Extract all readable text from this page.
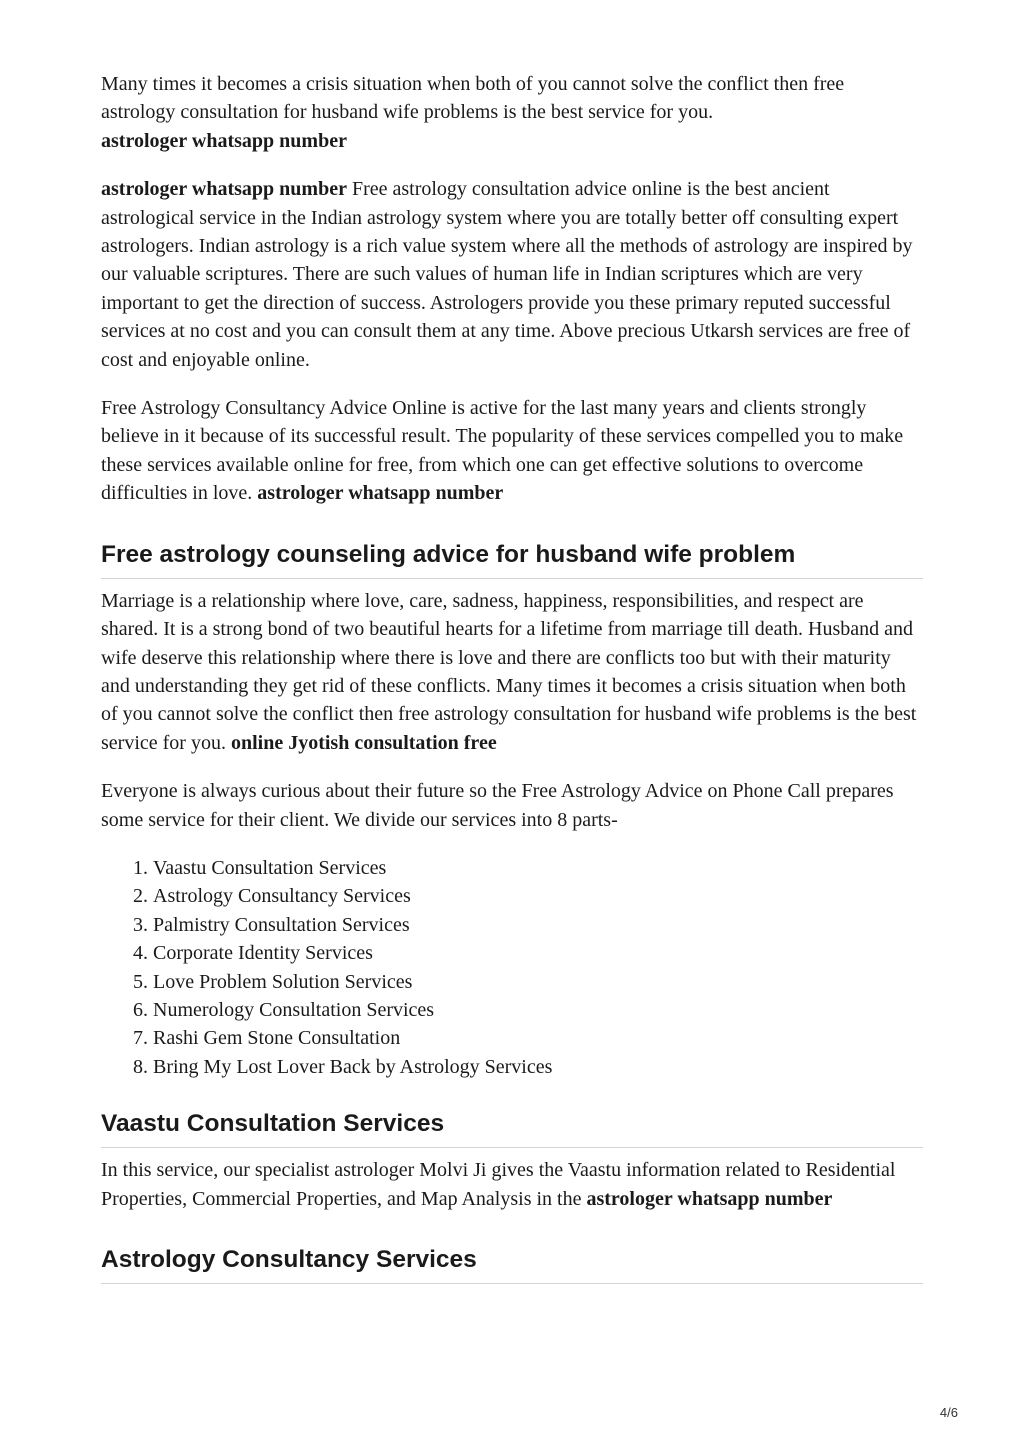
Many times it becomes a crisis situation when both of you cannot solve the conflict then free astrology consultation for husband wife problems is the best service for you.
astrologer whatsapp number

astrologer whatsapp number Free astrology consultation advice online is the best ancient astrological service in the Indian astrology system where you are totally better off consulting expert astrologers. Indian astrology is a rich value system where all the methods of astrology are inspired by our valuable scriptures. There are such values of human life in Indian scriptures which are very important to get the direction of success. Astrologers provide you these primary reputed successful services at no cost and you can consult them at any time. Above precious Utkarsh services are free of cost and enjoyable online.

Free Astrology Consultancy Advice Online is active for the last many years and clients strongly believe in it because of its successful result. The popularity of these services compelled you to make these services available online for free, from which one can get effective solutions to overcome difficulties in love. astrologer whatsapp number

Free astrology counseling advice for husband wife problem

Marriage is a relationship where love, care, sadness, happiness, responsibilities, and respect are shared. It is a strong bond of two beautiful hearts for a lifetime from marriage till death. Husband and wife deserve this relationship where there is love and there are conflicts too but with their maturity and understanding they get rid of these conflicts. Many times it becomes a crisis situation when both of you cannot solve the conflict then free astrology consultation for husband wife problems is the best service for you. online Jyotish consultation free

Everyone is always curious about their future so the Free Astrology Advice on Phone Call prepares some service for their client. We divide our services into 8 parts-

1. Vaastu Consultation Services
2. Astrology Consultancy Services
3. Palmistry Consultation Services
4. Corporate Identity Services
5. Love Problem Solution Services
6. Numerology Consultation Services
7. Rashi Gem Stone Consultation
8. Bring My Lost Lover Back by Astrology Services
Vaastu Consultation Services

In this service, our specialist astrologer Molvi Ji gives the Vaastu information related to Residential Properties, Commercial Properties, and Map Analysis in the astrologer whatsapp number

Astrology Consultancy Services
4/6
